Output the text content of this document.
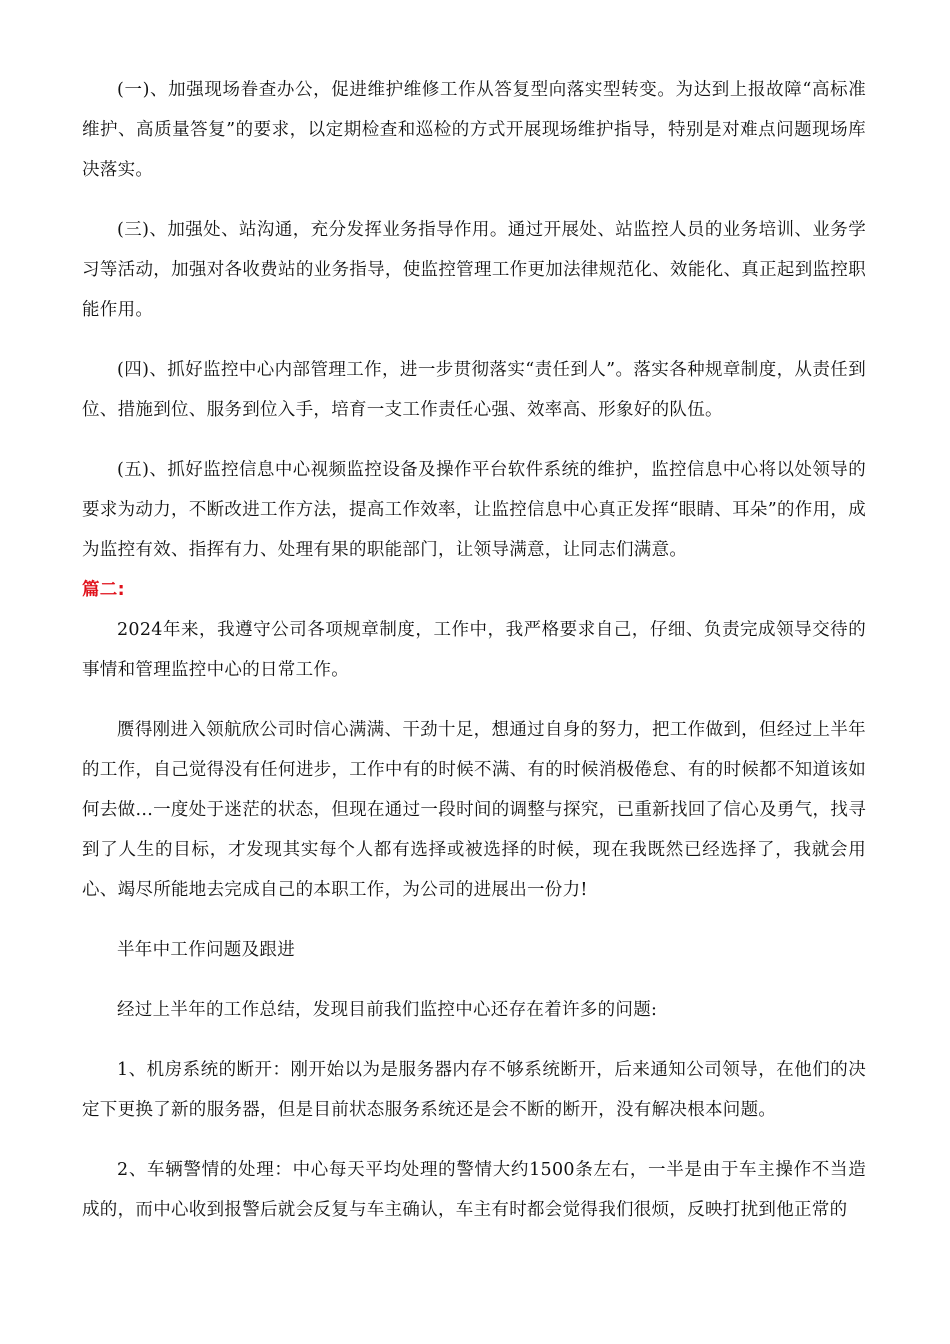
(一)、加强现场眷查办公，促进维护维修工作从答复型向落实型转变。为达到上报故障“高标准维护、高质量答复”的要求，以定期检查和巡检的方式开展现场维护指导，特别是对难点问题现场库决落实。

(三)、加强处、站沟通，充分发挥业务指导作用。通过开展处、站监控人员的业务培训、业务学习等活动，加强对各收费站的业务指导，使监控管理工作更加法律规范化、效能化、真正起到监控职能作用。

(四)、抓好监控中心内部管理工作，进一步贯彻落实“责任到人”。落实各种规章制度，从责任到位、措施到位、服务到位入手，培育一支工作责任心强、效率高、形象好的队伍。

(五)、抓好监控信息中心视频监控设备及操作平台软件系统的维护，监控信息中心将以处领导的要求为动力，不断改进工作方法，提高工作效率，让监控信息中心真正发挥“眼睛、耳朵”的作用，成为监控有效、指挥有力、处理有果的职能部门，让领导满意，让同志们满意。

篇二:

2024年来，我遵守公司各项规章制度，工作中，我严格要求自己，仔细、负责完成领导交待的事情和管理监控中心的日常工作。

赝得刚进入领航欣公司时信心满满、干劲十足，想通过自身的努力，把工作做到，但经过上半年的工作，自己觉得没有任何进步，工作中有的时候不满、有的时候消极倦怠、有的时候都不知道该如何去做...一度处于迷茫的状态，但现在通过一段时间的调整与探究，已重新找回了信心及勇气，找寻到了人生的目标，才发现其实每个人都有选择或被选择的时候，现在我既然已经选择了，我就会用心、竭尽所能地去完成自己的本职工作，为公司的进展出一份力!

半年中工作问题及跟进

经过上半年的工作总结，发现目前我们监控中心还存在着许多的问题:

1、机房系统的断开：刚开始以为是服务器内存不够系统断开，后来通知公司领导，在他们的决定下更换了新的服务器，但是目前状态服务系统还是会不断的断开，没有解决根本问题。

2、车辆警情的处理：中心每天平均处理的警情大约1500条左右，一半是由于车主操作不当造成的，而中心收到报警后就会反复与车主确认，车主有时都会觉得我们很烦，反映打扰到他正常的
